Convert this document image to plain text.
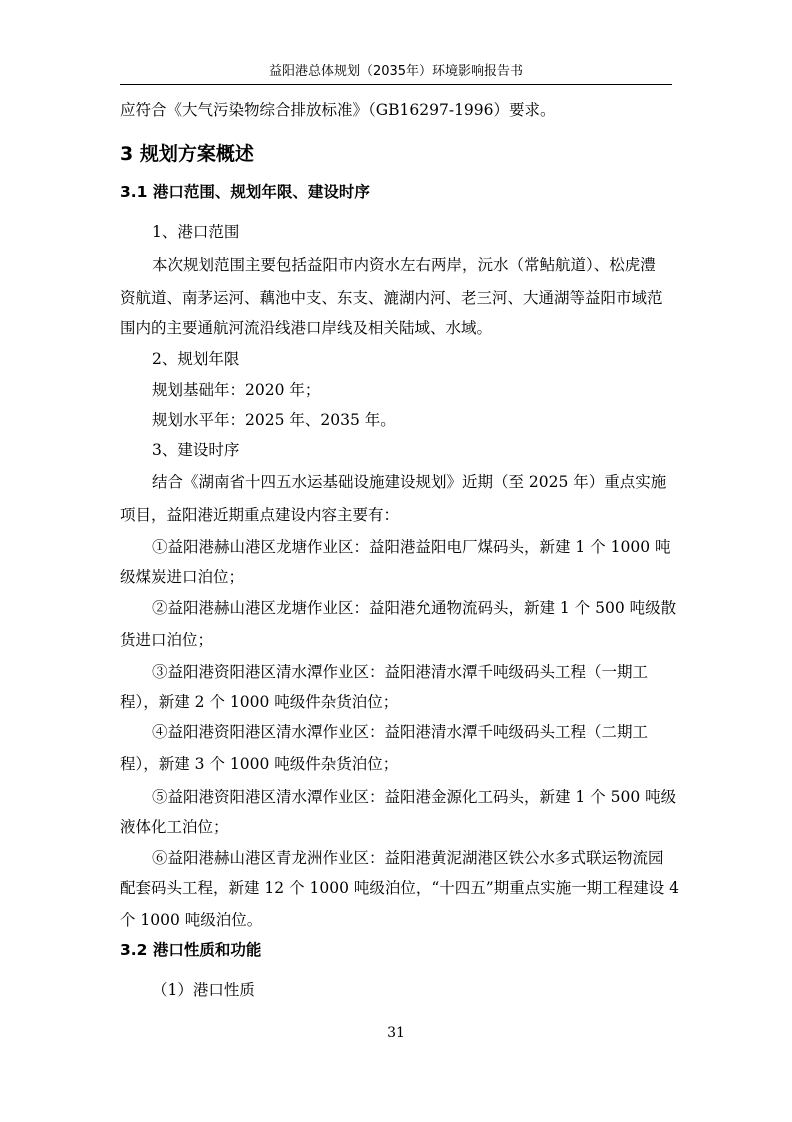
益阳港总体规划（2035年）环境影响报告书
应符合《大气污染物综合排放标准》（GB16297-1996）要求。
3 规划方案概述
3.1 港口范围、规划年限、建设时序
1、港口范围
本次规划范围主要包括益阳市内资水左右两岸，沅水（常鲇航道）、松虎澧
资航道、南茅运河、藕池中支、东支、漉湖内河、老三河、大通湖等益阳市域范
围内的主要通航河流沿线港口岸线及相关陆域、水域。
2、规划年限
规划基础年：2020 年；
规划水平年：2025 年、2035 年。
3、建设时序
结合《湖南省十四五水运基础设施建设规划》近期（至 2025 年）重点实施
项目，益阳港近期重点建设内容主要有：
①益阳港赫山港区龙塘作业区：益阳港益阳电厂煤码头，新建 1 个 1000 吨
级煤炭进口泊位；
②益阳港赫山港区龙塘作业区：益阳港允通物流码头，新建 1 个 500 吨级散
货进口泊位；
③益阳港资阳港区清水潭作业区：益阳港清水潭千吨级码头工程（一期工
程），新建 2 个 1000 吨级件杂货泊位；
④益阳港资阳港区清水潭作业区：益阳港清水潭千吨级码头工程（二期工
程），新建 3 个 1000 吨级件杂货泊位；
⑤益阳港资阳港区清水潭作业区：益阳港金源化工码头，新建 1 个 500 吨级
液体化工泊位；
⑥益阳港赫山港区青龙洲作业区：益阳港黄泥湖港区铁公水多式联运物流园
配套码头工程，新建 12 个 1000 吨级泊位，“十四五”期重点实施一期工程建设 4
个 1000 吨级泊位。
3.2 港口性质和功能
（1）港口性质
31
